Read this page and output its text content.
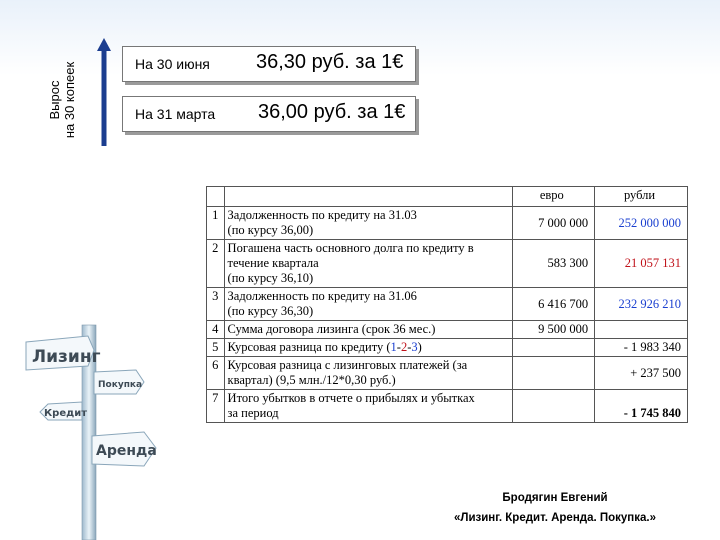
Вырос на 30 копеек	На 30 июня 36,30 руб. за 1€
На 31 марта 36,00 руб. за 1€
		евро	рубли
1	Задолженность по кредиту на 31.03
(по курсу 36,00)	7 000 000	252 000 000
2	Погашена часть основного долга по кредиту в
течение квартала
(по курсу 36,10)	583 300	21 057 131
3	Задолженность по кредиту на 31.06
(по курсу 36,30)	6 416 700	232 926 210
4	Сумма договора лизинга (срок 36 мес.)	9 500 000	
5	Курсовая разница по кредиту (1-2-3)		- 1 983 340
6	Курсовая разница с лизинговых платежей (за
квартал) (9,5 млн./12*0,30 руб.)		+ 237 500
7	Итого убытков в отчете о прибылях и убытках
за период		- 1 745 840
Лизинг
Покупка
Кредит
Аренда
Бродягин Евгений
«Лизинг. Кредит. Аренда. Покупка.»
